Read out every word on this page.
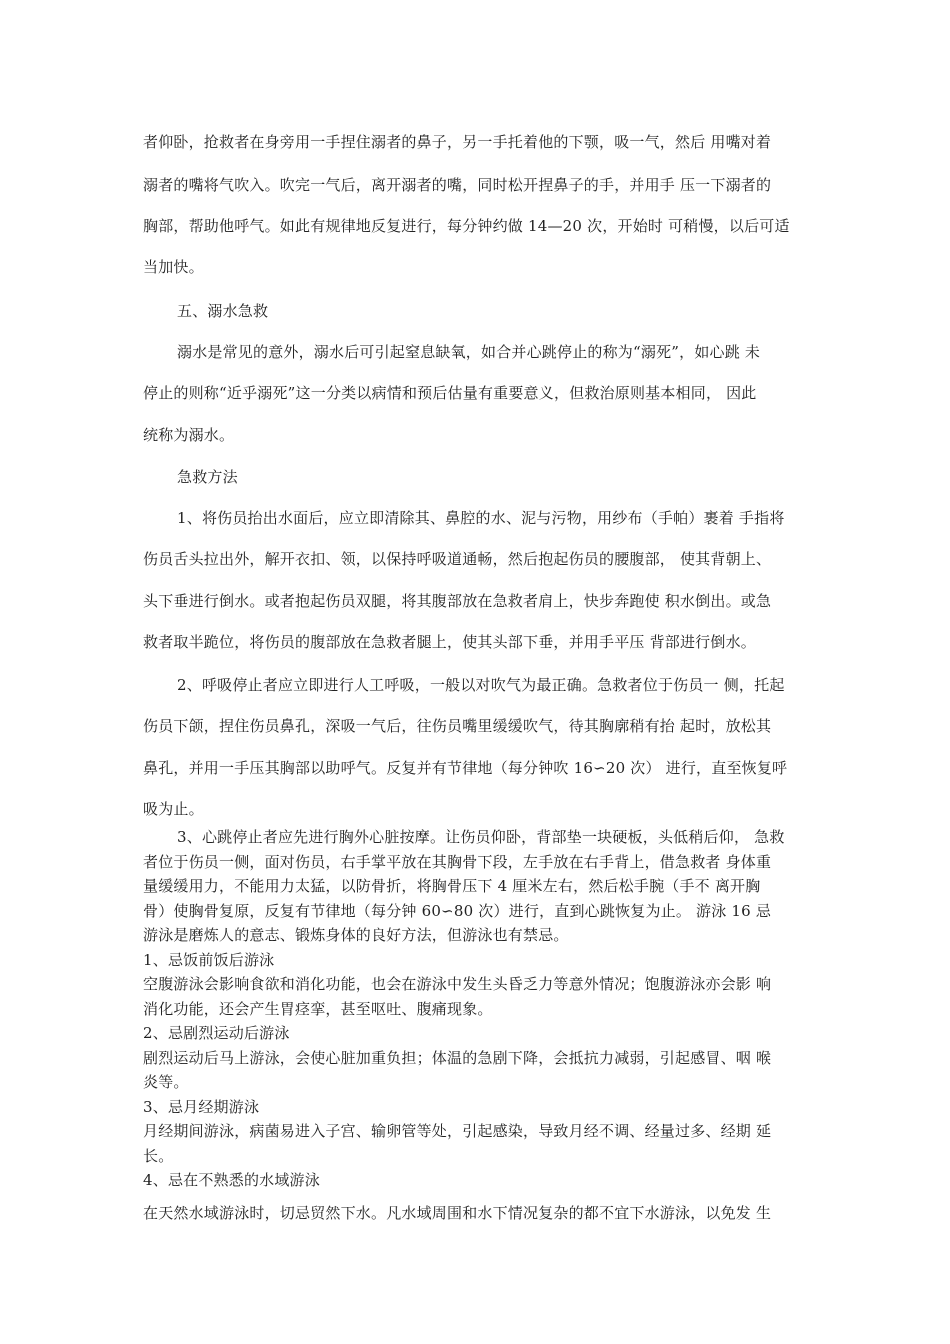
者仰卧，抢救者在身旁用一手捏住溺者的鼻子，另一手托着他的下颚，吸一气，然后 用嘴对着
溺者的嘴将气吹入。吹完一气后，离开溺者的嘴，同时松开捏鼻子的手，并用手 压一下溺者的
胸部，帮助他呼气。如此有规律地反复进行，每分钟约做 14—20 次，开始时 可稍慢，以后可适
当加快。
五、溺水急救
溺水是常见的意外，溺水后可引起窒息缺氧，如合并心跳停止的称为“溺死”，如心跳 未
停止的则称“近乎溺死”这一分类以病情和预后估量有重要意义，但救治原则基本相同， 因此
统称为溺水。
急救方法
1、将伤员抬出水面后，应立即清除其、鼻腔的水、泥与污物，用纱布（手帕）裹着 手指将
伤员舌头拉出外，解开衣扣、领，以保持呼吸道通畅，然后抱起伤员的腰腹部， 使其背朝上、
头下垂进行倒水。或者抱起伤员双腿，将其腹部放在急救者肩上，快步奔跑使 积水倒出。或急
救者取半跪位，将伤员的腹部放在急救者腿上，使其头部下垂，并用手平压 背部进行倒水。
2、呼吸停止者应立即进行人工呼吸，一般以对吹气为最正确。急救者位于伤员一 侧，托起
伤员下颌，捏住伤员鼻孔，深吸一气后，往伤员嘴里缓缓吹气，待其胸廓稍有抬 起时，放松其
鼻孔，并用一手压其胸部以助呼气。反复并有节律地（每分钟吹 16∽20 次） 进行，直至恢复呼
吸为止。
3、心跳停止者应先进行胸外心脏按摩。让伤员仰卧，背部垫一块硬板，头低稍后仰， 急救
者位于伤员一侧，面对伤员，右手掌平放在其胸骨下段，左手放在右手背上，借急救者 身体重
量缓缓用力，不能用力太猛，以防骨折，将胸骨压下 4 厘米左右，然后松手腕（手不 离开胸
骨）使胸骨复原，反复有节律地（每分钟 60∽80 次）进行，直到心跳恢复为止。 游泳 16 忌
游泳是磨炼人的意志、锻炼身体的良好方法，但游泳也有禁忌。
1、忌饭前饭后游泳
空腹游泳会影响食欲和消化功能，也会在游泳中发生头昏乏力等意外情况；饱腹游泳亦会影 响
消化功能，还会产生胃痉挛，甚至呕吐、腹痛现象。
2、忌剧烈运动后游泳
剧烈运动后马上游泳，会使心脏加重负担；体温的急剧下降，会抵抗力减弱，引起感冒、咽 喉
炎等。
3、忌月经期游泳
月经期间游泳，病菌易进入子宫、输卵管等处，引起感染，导致月经不调、经量过多、经期 延
长。
4、忌在不熟悉的水域游泳
在天然水域游泳时，切忌贸然下水。凡水域周围和水下情况复杂的都不宜下水游泳，以免发 生
